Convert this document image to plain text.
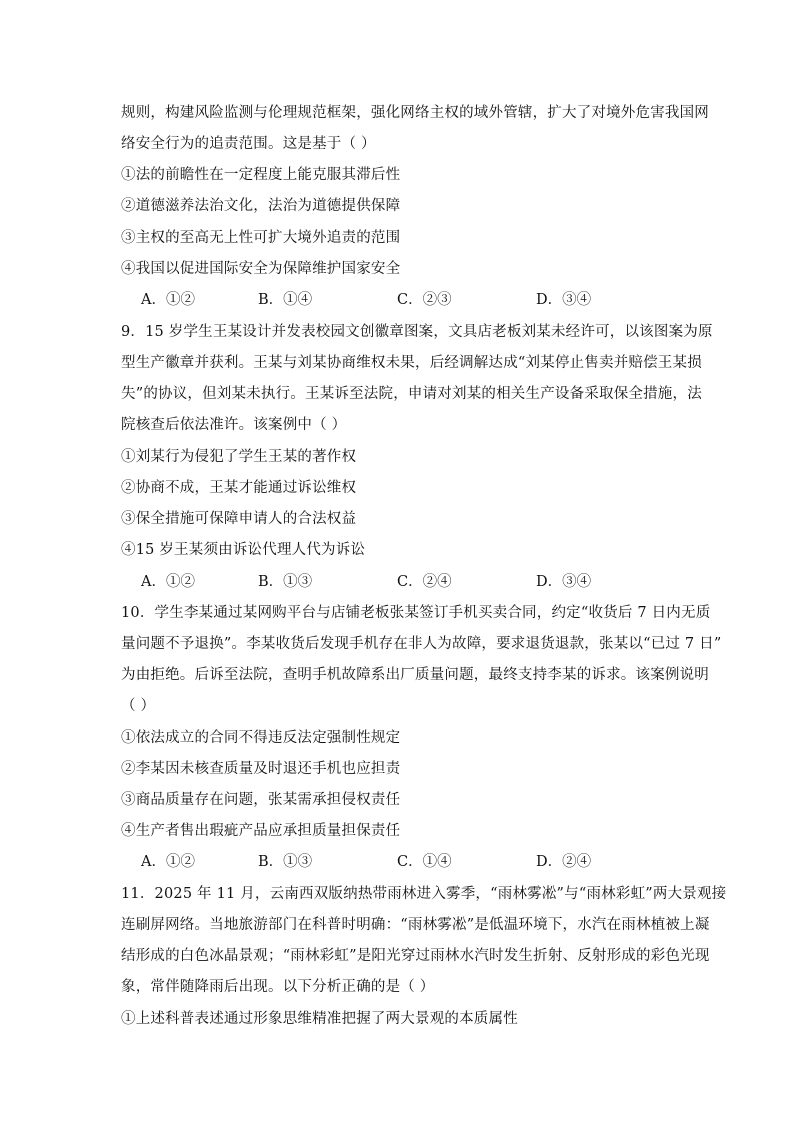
规则，构建风险监测与伦理规范框架，强化网络主权的域外管辖，扩大了对境外危害我国网
络安全行为的追责范围。这是基于（ ）
①法的前瞻性在一定程度上能克服其滞后性
②道德滋养法治文化，法治为道德提供保障
③主权的至高无上性可扩大境外追责的范围
④我国以促进国际安全为保障维护国家安全
A．①②	B．①④	C．②③	D．③④
9．15 岁学生王某设计并发表校园文创徽章图案，文具店老板刘某未经许可，以该图案为原
型生产徽章并获利。王某与刘某协商维权未果，后经调解达成“刘某停止售卖并赔偿王某损
失”的协议，但刘某未执行。王某诉至法院，申请对刘某的相关生产设备采取保全措施，法
院核查后依法准许。该案例中（ ）
①刘某行为侵犯了学生王某的著作权
②协商不成，王某才能通过诉讼维权
③保全措施可保障申请人的合法权益
④15 岁王某须由诉讼代理人代为诉讼
A．①②	B．①③	C．②④	D．③④
10．学生李某通过某网购平台与店铺老板张某签订手机买卖合同，约定“收货后 7 日内无质
量问题不予退换”。李某收货后发现手机存在非人为故障，要求退货退款，张某以“已过 7 日”
为由拒绝。后诉至法院，查明手机故障系出厂质量问题，最终支持李某的诉求。该案例说明
（ ）
①依法成立的合同不得违反法定强制性规定
②李某因未核查质量及时退还手机也应担责
③商品质量存在问题，张某需承担侵权责任
④生产者售出瑕疵产品应承担质量担保责任
A．①②	B．①③	C．①④	D．②④
11．2025 年 11 月，云南西双版纳热带雨林进入雾季，“雨林雾凇”与“雨林彩虹”两大景观接
连刷屏网络。当地旅游部门在科普时明确：“雨林雾凇”是低温环境下，水汽在雨林植被上凝
结形成的白色冰晶景观；“雨林彩虹”是阳光穿过雨林水汽时发生折射、反射形成的彩色光现
象，常伴随降雨后出现。以下分析正确的是（ ）
①上述科普表述通过形象思维精准把握了两大景观的本质属性
